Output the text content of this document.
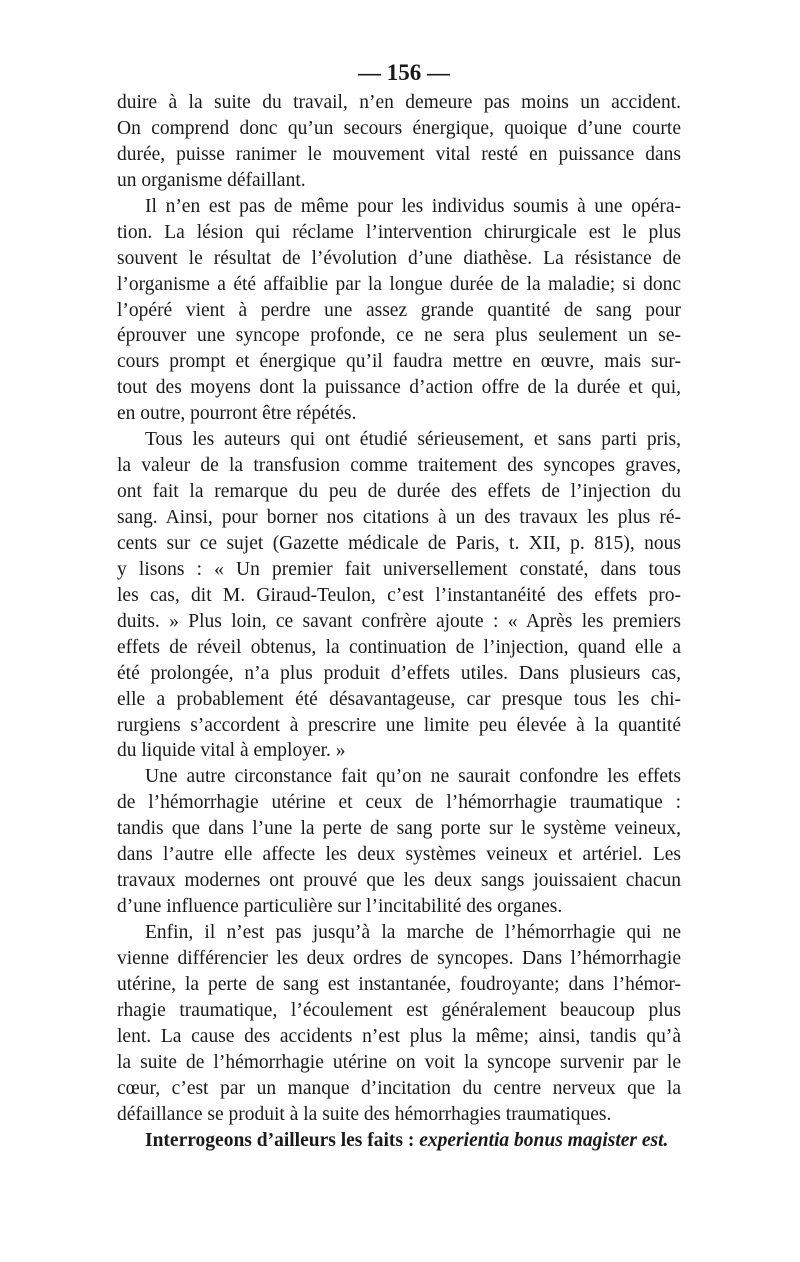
— 156 —
duire à la suite du travail, n’en demeure pas moins un accident.
On comprend donc qu’un secours énergique, quoique d’une courte
durée, puisse ranimer le mouvement vital resté en puissance dans
un organisme défaillant.
Il n’en est pas de même pour les individus soumis à une opéra-
tion. La lésion qui réclame l’intervention chirurgicale est le plus
souvent le résultat de l’évolution d’une diathèse. La résistance de
l’organisme a été affaiblie par la longue durée de la maladie; si donc
l’opéré vient à perdre une assez grande quantité de sang pour
éprouver une syncope profonde, ce ne sera plus seulement un se-
cours prompt et énergique qu’il faudra mettre en œuvre, mais sur-
tout des moyens dont la puissance d’action offre de la durée et qui,
en outre, pourront être répétés.
Tous les auteurs qui ont étudié sérieusement, et sans parti pris,
la valeur de la transfusion comme traitement des syncopes graves,
ont fait la remarque du peu de durée des effets de l’injection du
sang. Ainsi, pour borner nos citations à un des travaux les plus ré-
cents sur ce sujet (Gazette médicale de Paris, t. XII, p. 815), nous
y lisons : « Un premier fait universellement constaté, dans tous
les cas, dit M. Giraud-Teulon, c’est l’instantanéité des effets pro-
duits. » Plus loin, ce savant confrère ajoute : « Après les premiers
effets de réveil obtenus, la continuation de l’injection, quand elle a
été prolongée, n’a plus produit d’effets utiles. Dans plusieurs cas,
elle a probablement été désavantageuse, car presque tous les chi-
rurgiens s’accordent à prescrire une limite peu élevée à la quantité
du liquide vital à employer. »
Une autre circonstance fait qu’on ne saurait confondre les effets
de l’hémorrhagie utérine et ceux de l’hémorrhagie traumatique :
tandis que dans l’une la perte de sang porte sur le système veineux,
dans l’autre elle affecte les deux systèmes veineux et artériel. Les
travaux modernes ont prouvé que les deux sangs jouissaient chacun
d’une influence particulière sur l’incitabilité des organes.
Enfin, il n’est pas jusqu’à la marche de l’hémorrhagie qui ne
vienne différencier les deux ordres de syncopes. Dans l’hémorrhagie
utérine, la perte de sang est instantanée, foudroyante; dans l’hémor-
rhagie traumatique, l’écoulement est généralement beaucoup plus
lent. La cause des accidents n’est plus la même; ainsi, tandis qu’à
la suite de l’hémorrhagie utérine on voit la syncope survenir par le
cœur, c’est par un manque d’incitation du centre nerveux que la
défaillance se produit à la suite des hémorrhagies traumatiques.
Interrogeons d’ailleurs les faits : experientia bonus magister est.
